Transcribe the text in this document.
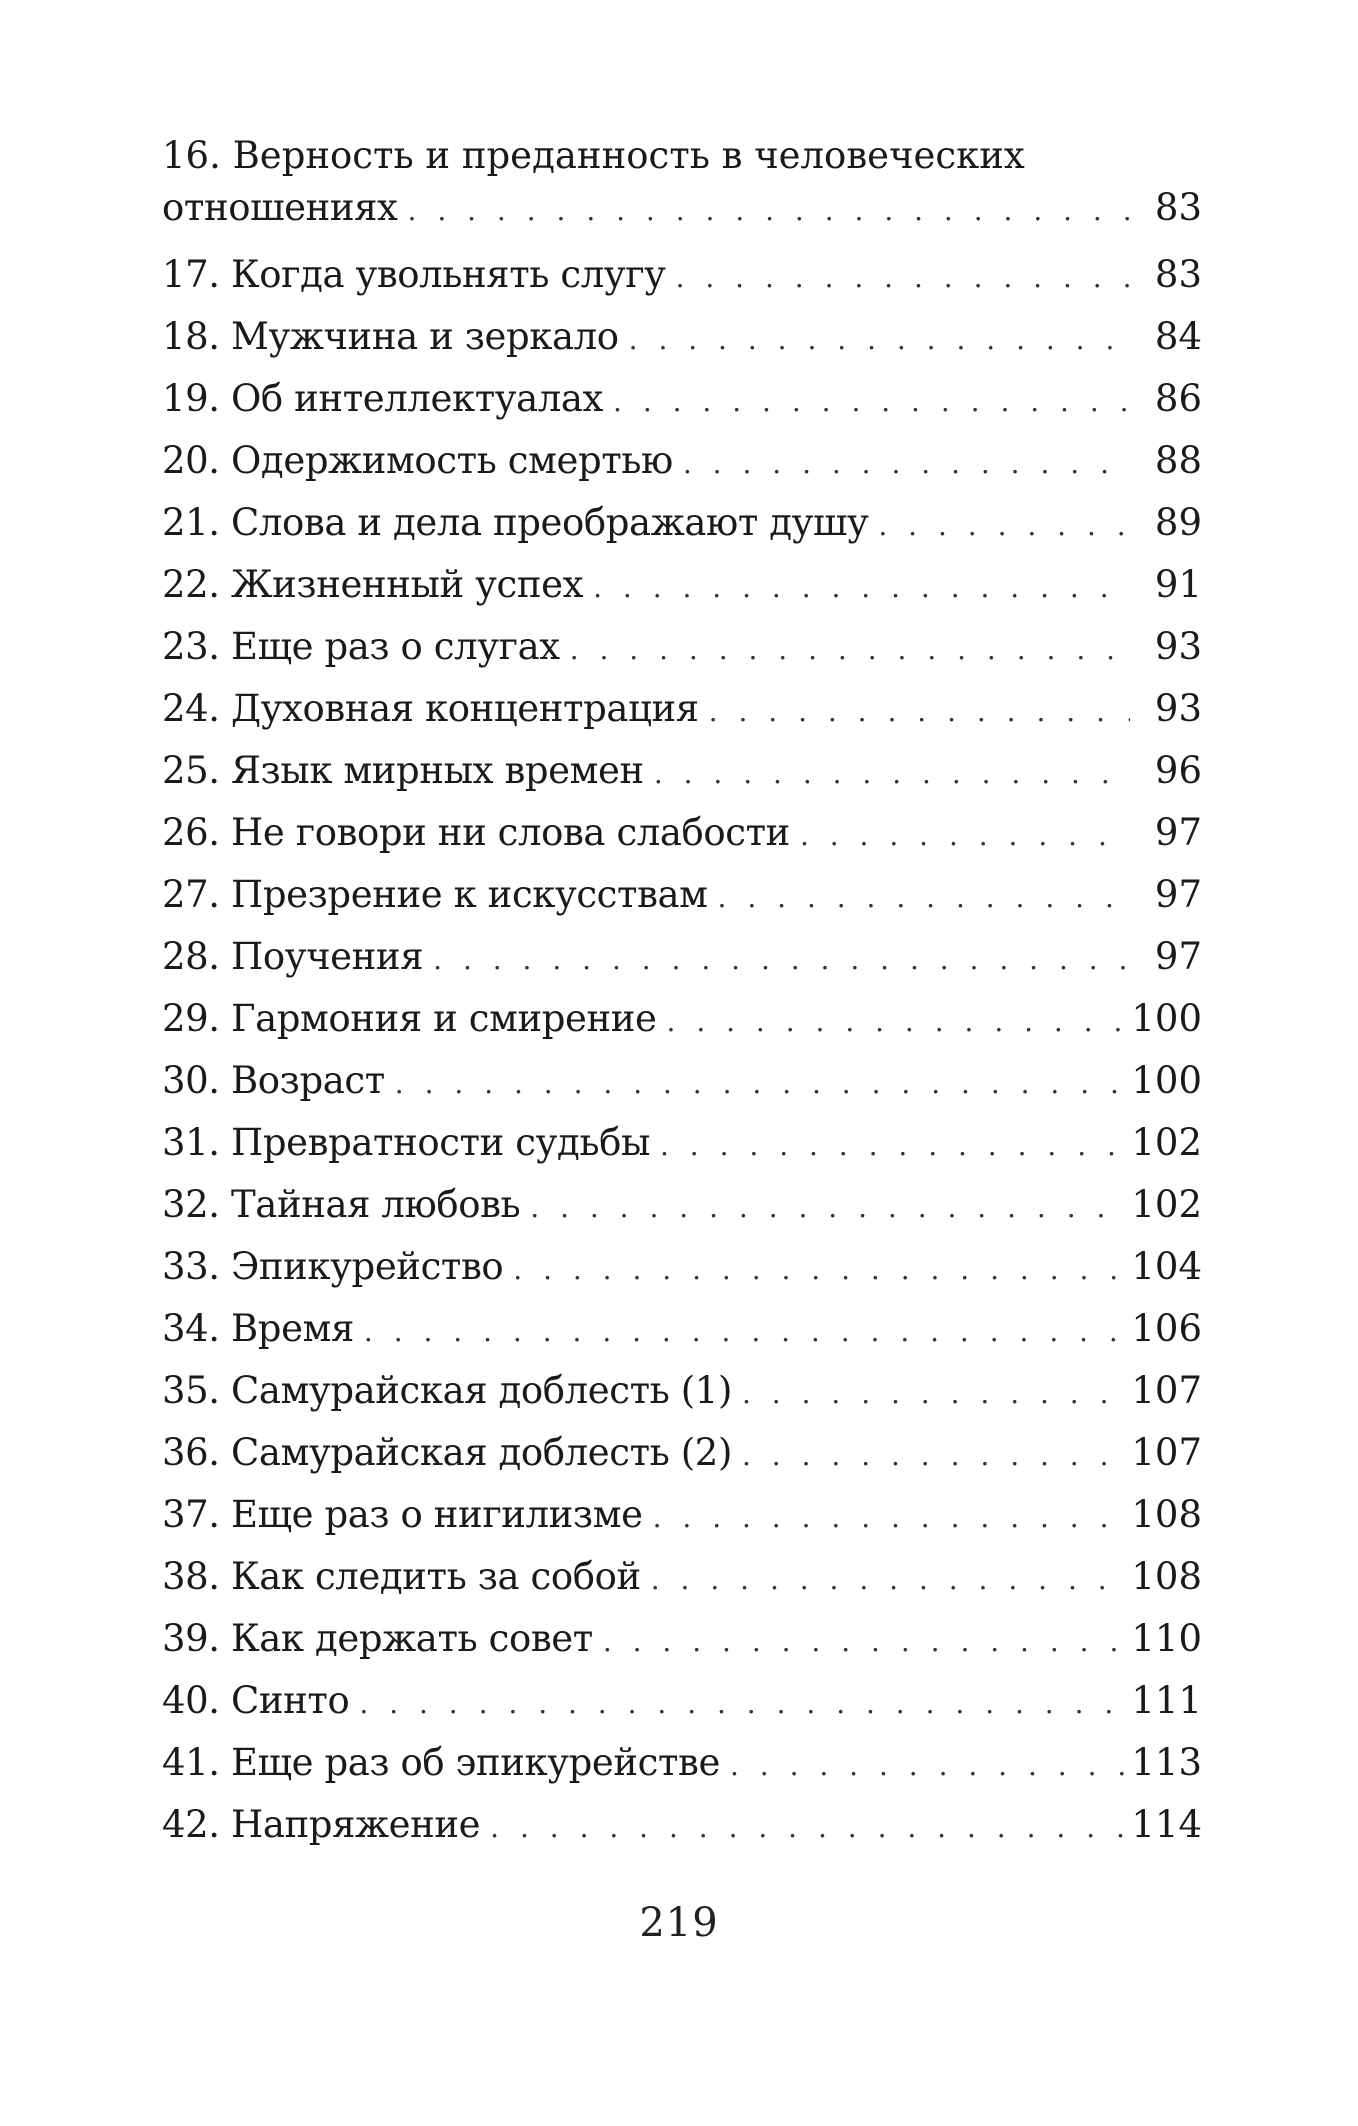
16. Верность и преданность в человеческих
отношениях . . .	83
17. Когда увольнять слугу . . .	83
18. Мужчина и зеркало . . .	84
19. Об интеллектуалах . . .	86
20. Одержимость смертью . . .	88
21. Слова и дела преображают душу . . .	89
22. Жизненный успех . . .	91
23. Еще раз о слугах . . .	93
24. Духовная концентрация . . .	93
25. Язык мирных времен . . .	96
26. Не говори ни слова слабости . . .	97
27. Презрение к искусствам . . .	97
28. Поучения . . .	97
29. Гармония и смирение . . .	100
30. Возраст . . .	100
31. Превратности судьбы . . .	102
32. Тайная любовь . . .	102
33. Эпикурейство . . .	104
34. Время . . .	106
35. Самурайская доблесть (1) . . .	107
36. Самурайская доблесть (2) . . .	107
37. Еще раз о нигилизме . . .	108
38. Как следить за собой . . .	108
39. Как держать совет . . .	110
40. Синто . . .	111
41. Еще раз об эпикурействе . . .	113
42. Напряжение . . .	114
219
